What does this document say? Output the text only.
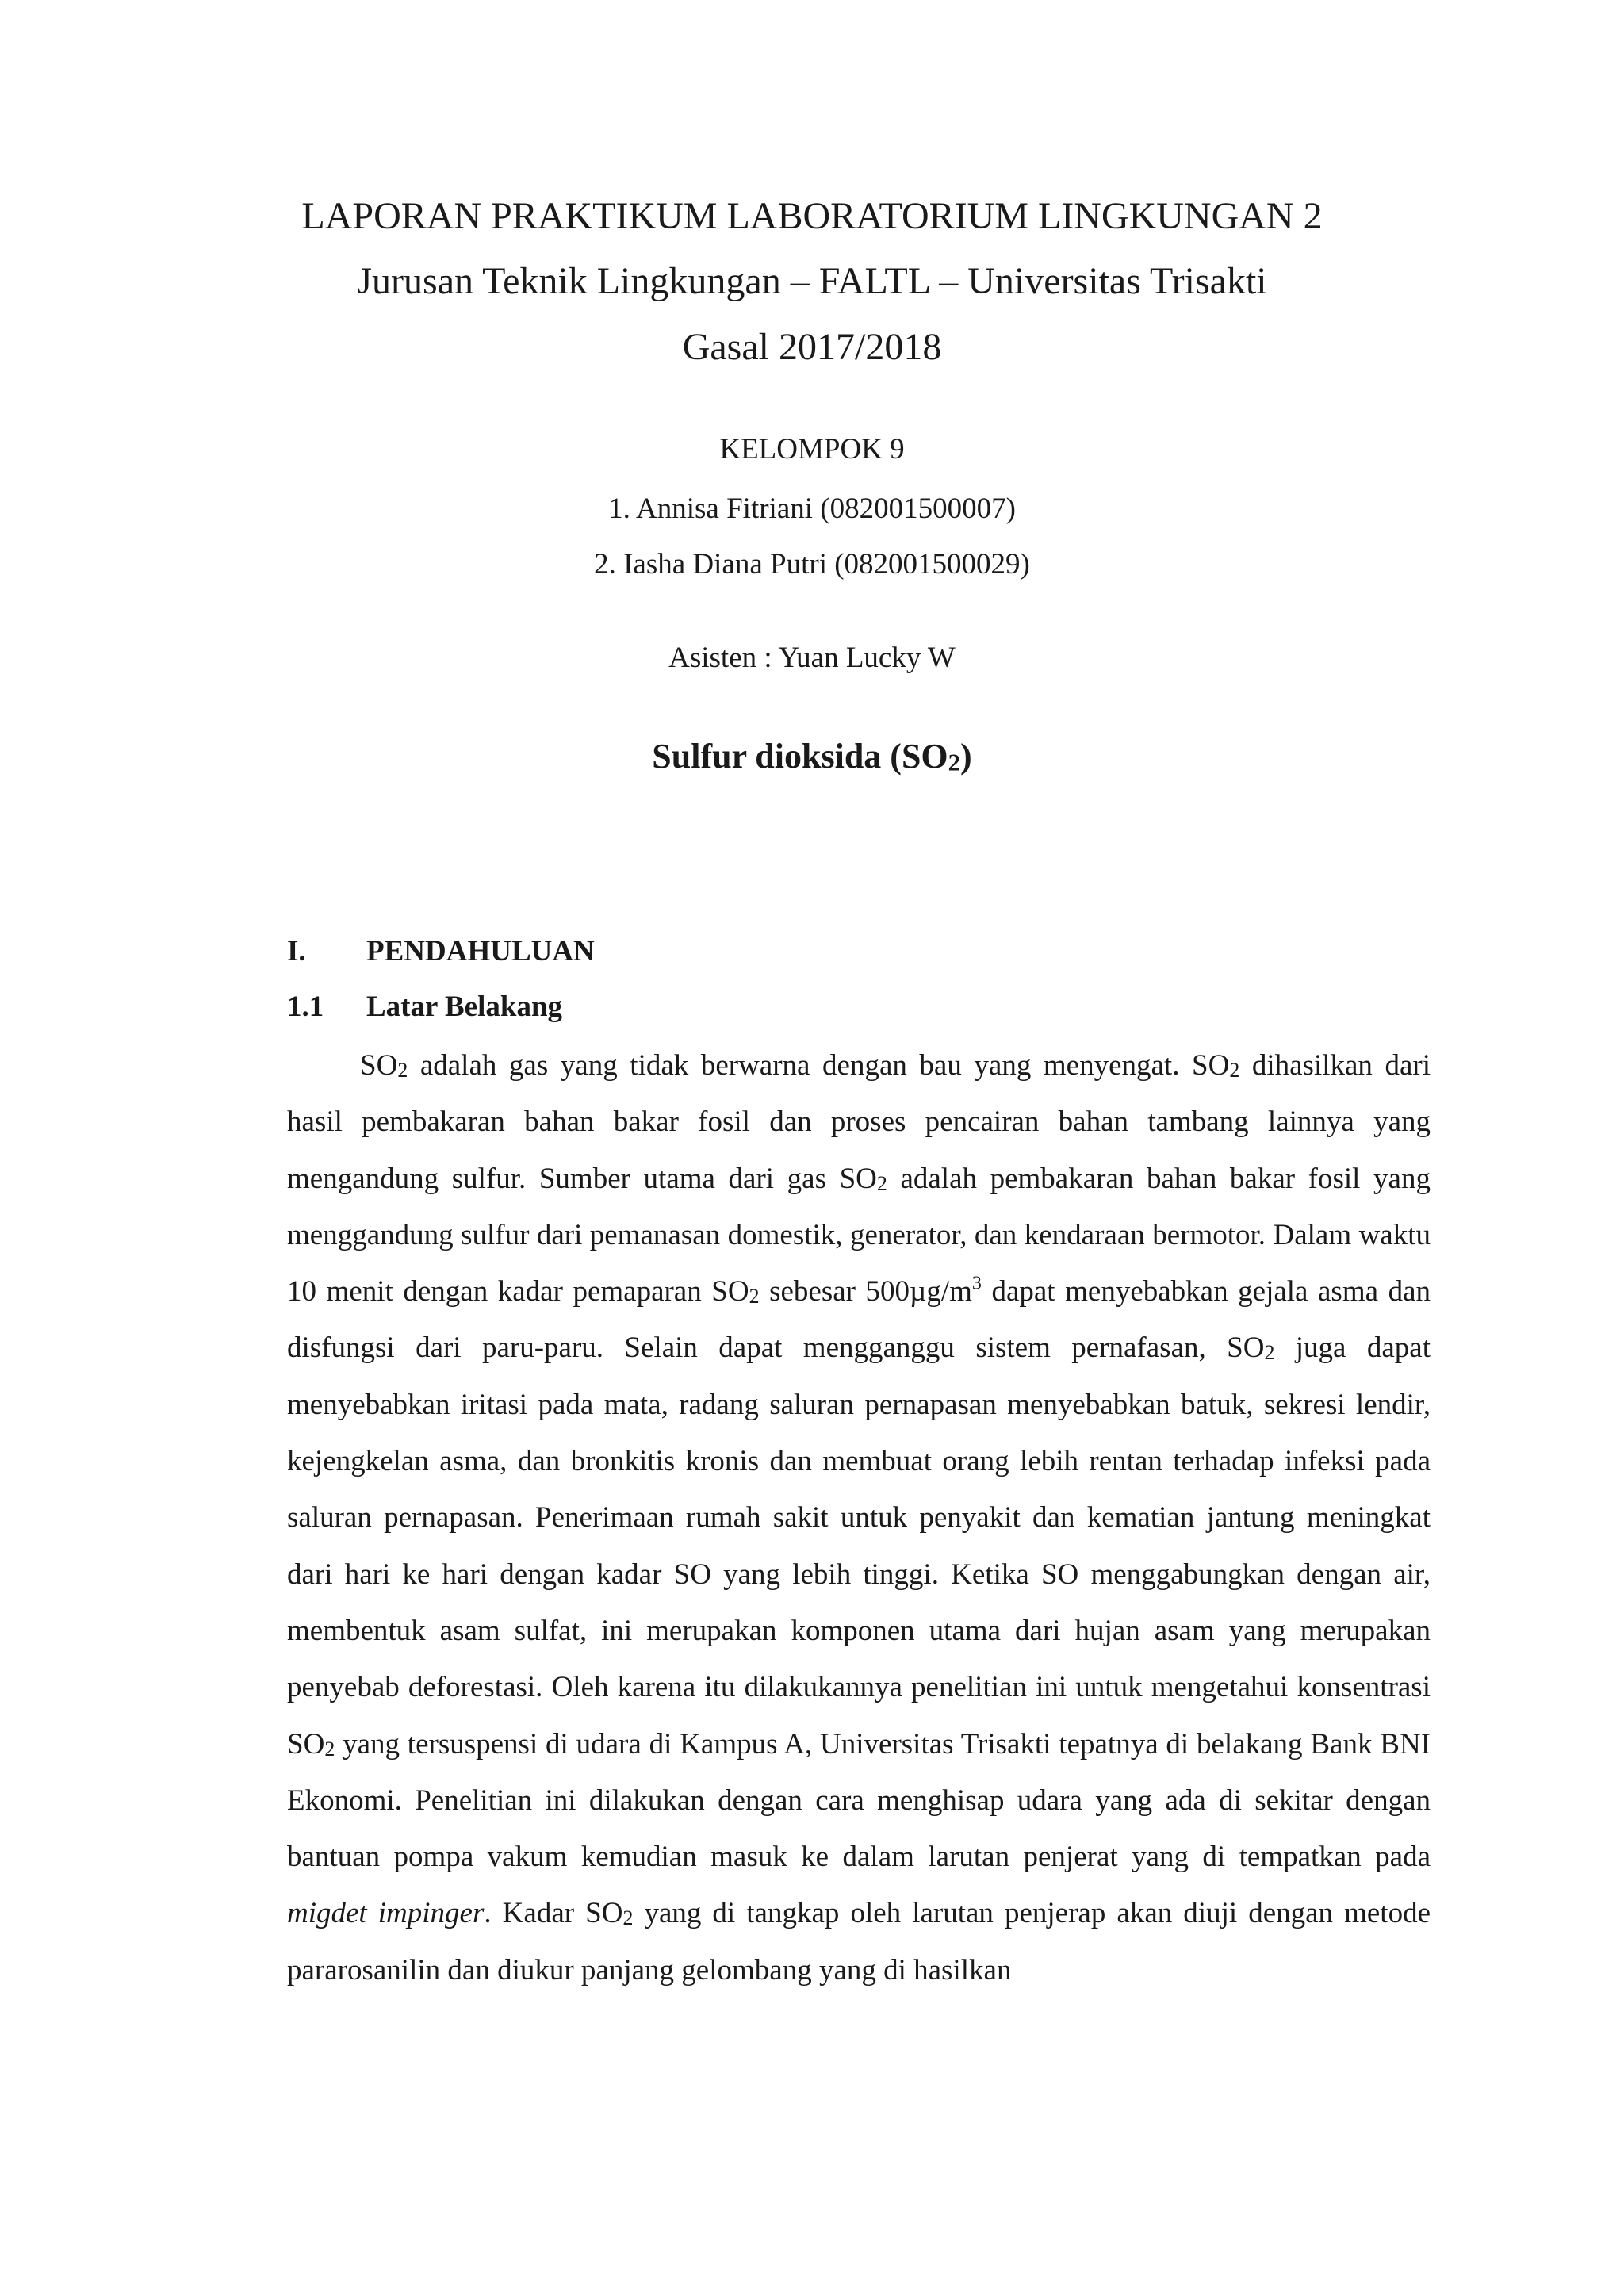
LAPORAN PRAKTIKUM LABORATORIUM LINGKUNGAN 2
Jurusan Teknik Lingkungan – FALTL – Universitas Trisakti
Gasal 2017/2018
KELOMPOK 9
1. Annisa Fitriani (082001500007)
2. Iasha Diana Putri (082001500029)
Asisten : Yuan Lucky W
Sulfur dioksida $(SO_2)$
I. PENDAHULUAN
1.1 Latar Belakang

$SO_2$ adalah gas yang tidak berwarna dengan bau yang menyengat. $SO_2$ dihasilkan dari hasil pembakaran bahan bakar fosil dan proses pencairan bahan tambang lainnya yang mengandung sulfur. Sumber utama dari gas $SO_2$ adalah pembakaran bahan bakar fosil yang menggandung sulfur dari pemanasan domestik, generator, dan kendaraan bermotor. Dalam waktu 10 menit dengan kadar pemaparan $SO_2$ sebesar $500\mu g/m^3$ dapat menyebabkan gejala asma dan disfungsi dari paru-paru. Selain dapat mengganggu sistem pernafasan, $SO_2$ juga dapat menyebabkan iritasi pada mata, radang saluran pernapasan menyebabkan batuk, sekresi lendir, kejengkelan asma, dan bronkitis kronis dan membuat orang lebih rentan terhadap infeksi pada saluran pernapasan. Penerimaan rumah sakit untuk penyakit dan kematian jantung meningkat dari hari ke hari dengan kadar SO yang lebih tinggi. Ketika SO menggabungkan dengan air, membentuk asam sulfat, ini merupakan komponen utama dari hujan asam yang merupakan penyebab deforestasi. Oleh karena itu dilakukannya penelitian ini untuk mengetahui konsentrasi $SO_2$ yang tersuspensi di udara di Kampus A, Universitas Trisakti tepatnya di belakang Bank BNI Ekonomi. Penelitian ini dilakukan dengan cara menghisap udara yang ada di sekitar dengan bantuan pompa vakum kemudian masuk ke dalam larutan penjerat yang di tempatkan pada migdet impinger. Kadar $SO_2$ yang di tangkap oleh larutan penjerap akan diuji dengan metode pararosanilin dan diukur panjang gelombang yang di hasilkan
